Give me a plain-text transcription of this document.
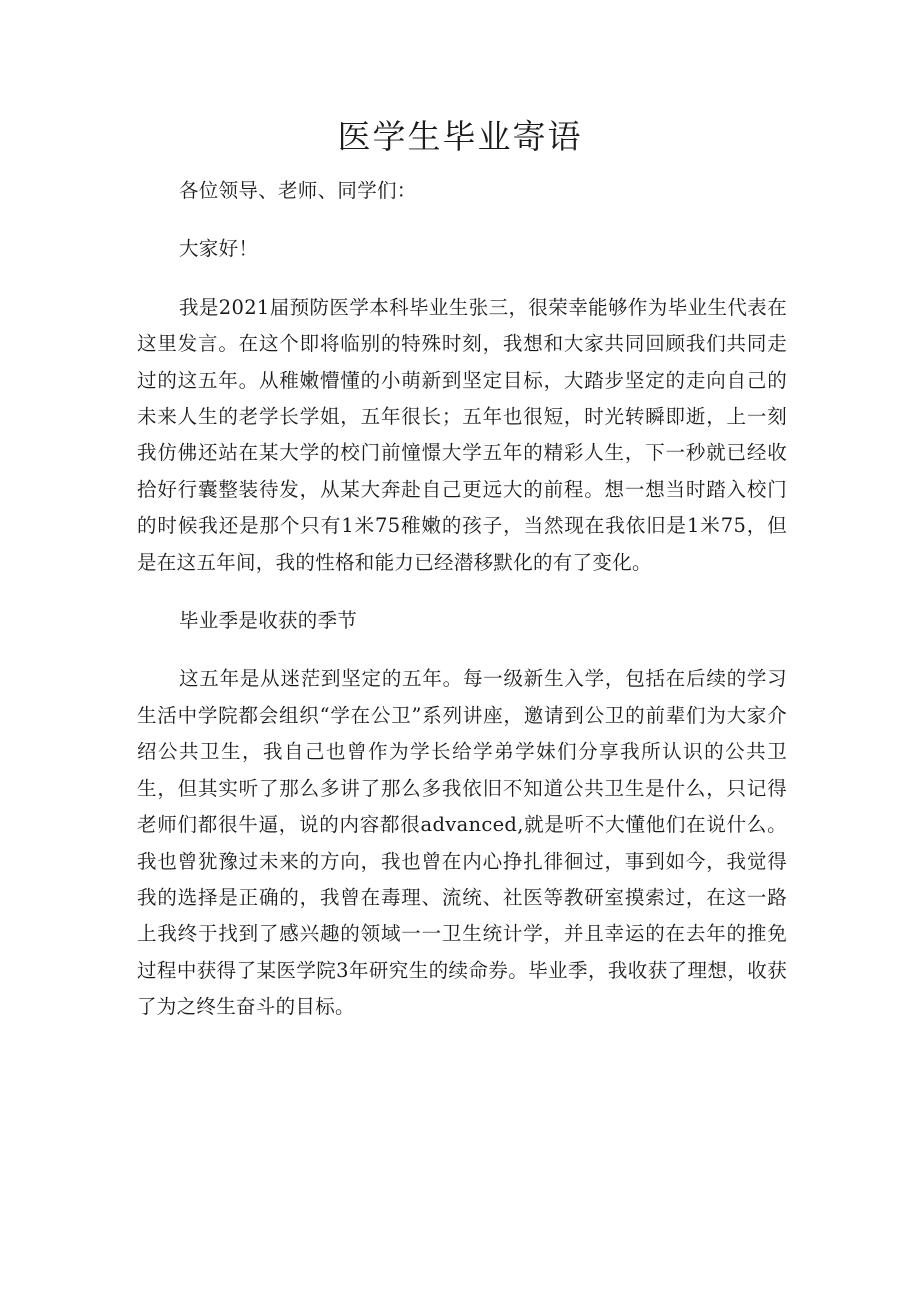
医学生毕业寄语

各位领导、老师、同学们：

大家好！

我是2021届预防医学本科毕业生张三，很荣幸能够作为毕业生代表在这里发言。在这个即将临别的特殊时刻，我想和大家共同回顾我们共同走过的这五年。从稚嫩懵懂的小萌新到坚定目标，大踏步坚定的走向自己的未来人生的老学长学姐，五年很长；五年也很短，时光转瞬即逝，上一刻我仿佛还站在某大学的校门前憧憬大学五年的精彩人生，下一秒就已经收拾好行囊整装待发，从某大奔赴自己更远大的前程。想一想当时踏入校门的时候我还是那个只有1米75稚嫩的孩子，当然现在我依旧是1米75，但是在这五年间，我的性格和能力已经潜移默化的有了变化。

毕业季是收获的季节

这五年是从迷茫到坚定的五年。每一级新生入学，包括在后续的学习生活中学院都会组织“学在公卫”系列讲座，邀请到公卫的前辈们为大家介绍公共卫生，我自己也曾作为学长给学弟学妹们分享我所认识的公共卫生，但其实听了那么多讲了那么多我依旧不知道公共卫生是什么，只记得老师们都很牛逼，说的内容都很advanced,就是听不大懂他们在说什么。我也曾犹豫过未来的方向，我也曾在内心挣扎徘徊过，事到如今，我觉得我的选择是正确的，我曾在毒理、流统、社医等教研室摸索过，在这一路上我终于找到了感兴趣的领域一一卫生统计学，并且幸运的在去年的推免过程中获得了某医学院3年研究生的续命券。毕业季，我收获了理想，收获了为之终生奋斗的目标。
